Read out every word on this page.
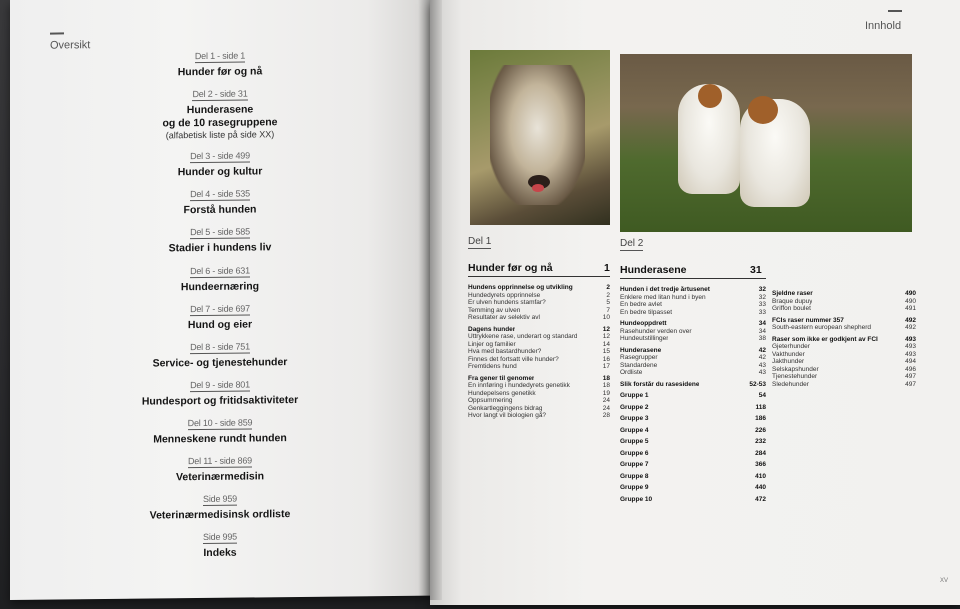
Oversikt
Del 1 - side 1
Hunder før og nå
Del 2 - side 31
Hunderasene
og de 10 rasegruppene
(alfabetisk liste på side XX)
Del 3 - side 499
Hunder og kultur
Del 4 - side 535
Forstå hunden
Del 5 - side 585
Stadier i hundens liv
Del 6 - side 631
Hundeernæring
Del 7 - side 697
Hund og eier
Del 8 - side 751
Service- og tjenestehunder
Del 9 - side 801
Hundesport og fritidsaktiviteter
Del 10 - side 859
Menneskene rundt hunden
Del 11 - side 869
Veterinærmedisin
Side 959
Veterinærmedisinsk ordliste
Side 995
Indeks
Innhold
Del 1
Hunder før og nå	1
Del 2
Hunderasene	31
Hundens opprinnelse og utvikling	2
Hundedyrets opprinnelse	2
Er ulven hundens stamfar?	5
Temming av ulven	7
Resultater av selektiv avl	10
Dagens hunder	12
Uttrykkene rase, underart og standard	12
Linjer og familier	14
Hva med bastardhunder?	15
Finnes det fortsatt ville hunder?	16
Fremtidens hund	17
Fra gener til genomer	18
En innføring i hundedyrets genetikk	18
Hundepelsens genetikk	19
Oppsummering	24
Genkartleggingens bidrag	24
Hvor langt vil biologien gå?	28
Hunden i det tredje årtusenet	32
Enklere med litan hund i byen	32
En bedre avlet	33
En bedre tilpasset	33
Hundeoppdrett	34
Rasehunder verden over	34
Hundeutstillinger	38
Hunderasene	42
Rasegrupper	42
Standardene	43
Ordliste	43
Slik forstår du rasesidene	52-53
Gruppe 1	54
Gruppe 2	118
Gruppe 3	186
Gruppe 4	226
Gruppe 5	232
Gruppe 6	284
Gruppe 7	366
Gruppe 8	410
Gruppe 9	440
Gruppe 10	472
Sjeldne raser	490
Braque dupuy	490
Griffon boulet	491
FCIs raser nummer 357	492
South-eastern european shepherd	492
Raser som ikke er godkjent av FCI	493
Gjeterhunder	493
Vakthunder	493
Jakthunder	494
Selskapshunder	496
Tjenestehunder	497
Sledehunder	497
XV
